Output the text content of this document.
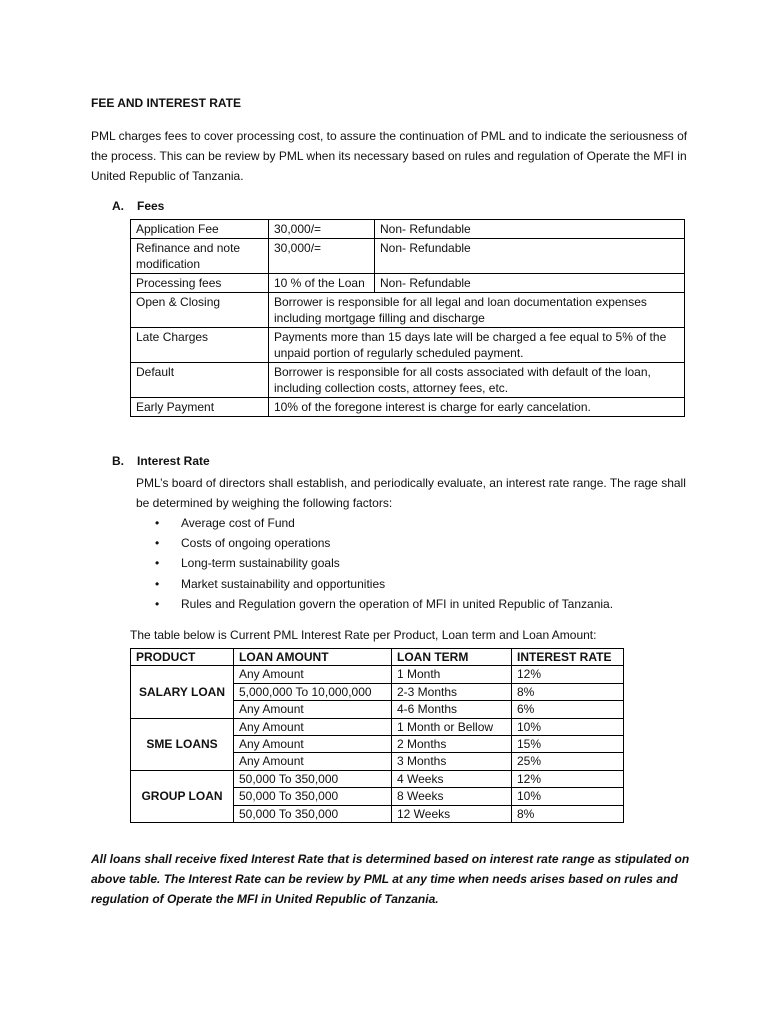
FEE AND INTEREST RATE
PML charges fees to cover processing cost, to assure the continuation of PML and to indicate the seriousness of the process. This can be review by PML when its necessary based on rules and regulation of Operate the MFI in United Republic of Tanzania.
A. Fees
Application Fee	30,000/=	Non- Refundable
Refinance and note modification	30,000/=	Non- Refundable
Processing fees	10 % of the Loan	Non- Refundable
Open & Closing	Borrower is responsible for all legal and loan documentation expenses including mortgage filling and discharge	
Late Charges	Payments more than 15 days late will be charged a fee equal to 5% of the unpaid portion of regularly scheduled payment.	
Default	Borrower is responsible for all costs associated with default of the loan, including collection costs, attorney fees, etc.	
Early Payment	10% of the foregone interest is charge for early cancelation.	
B. Interest Rate
PML’s board of directors shall establish, and periodically evaluate, an interest rate range. The rage shall be determined by weighing the following factors:
• Average cost of Fund
• Costs of ongoing operations
• Long-term sustainability goals
• Market sustainability and opportunities
• Rules and Regulation govern the operation of MFI in united Republic of Tanzania.
The table below is Current PML Interest Rate per Product, Loan term and Loan Amount:
PRODUCT	LOAN AMOUNT	LOAN TERM	INTEREST RATE
SALARY LOAN	Any Amount	1 Month	12%
	5,000,000 To 10,000,000	2-3 Months	8%
	Any Amount	4-6 Months	6%
SME LOANS	Any Amount	1 Month or Bellow	10%
	Any Amount	2 Months	15%
	Any Amount	3 Months	25%
GROUP LOAN	50,000 To 350,000	4 Weeks	12%
	50,000 To 350,000	8 Weeks	10%
	50,000 To 350,000	12 Weeks	8%
All loans shall receive fixed Interest Rate that is determined based on interest rate range as stipulated on above table. The Interest Rate can be review by PML at any time when needs arises based on rules and regulation of Operate the MFI in United Republic of Tanzania.
